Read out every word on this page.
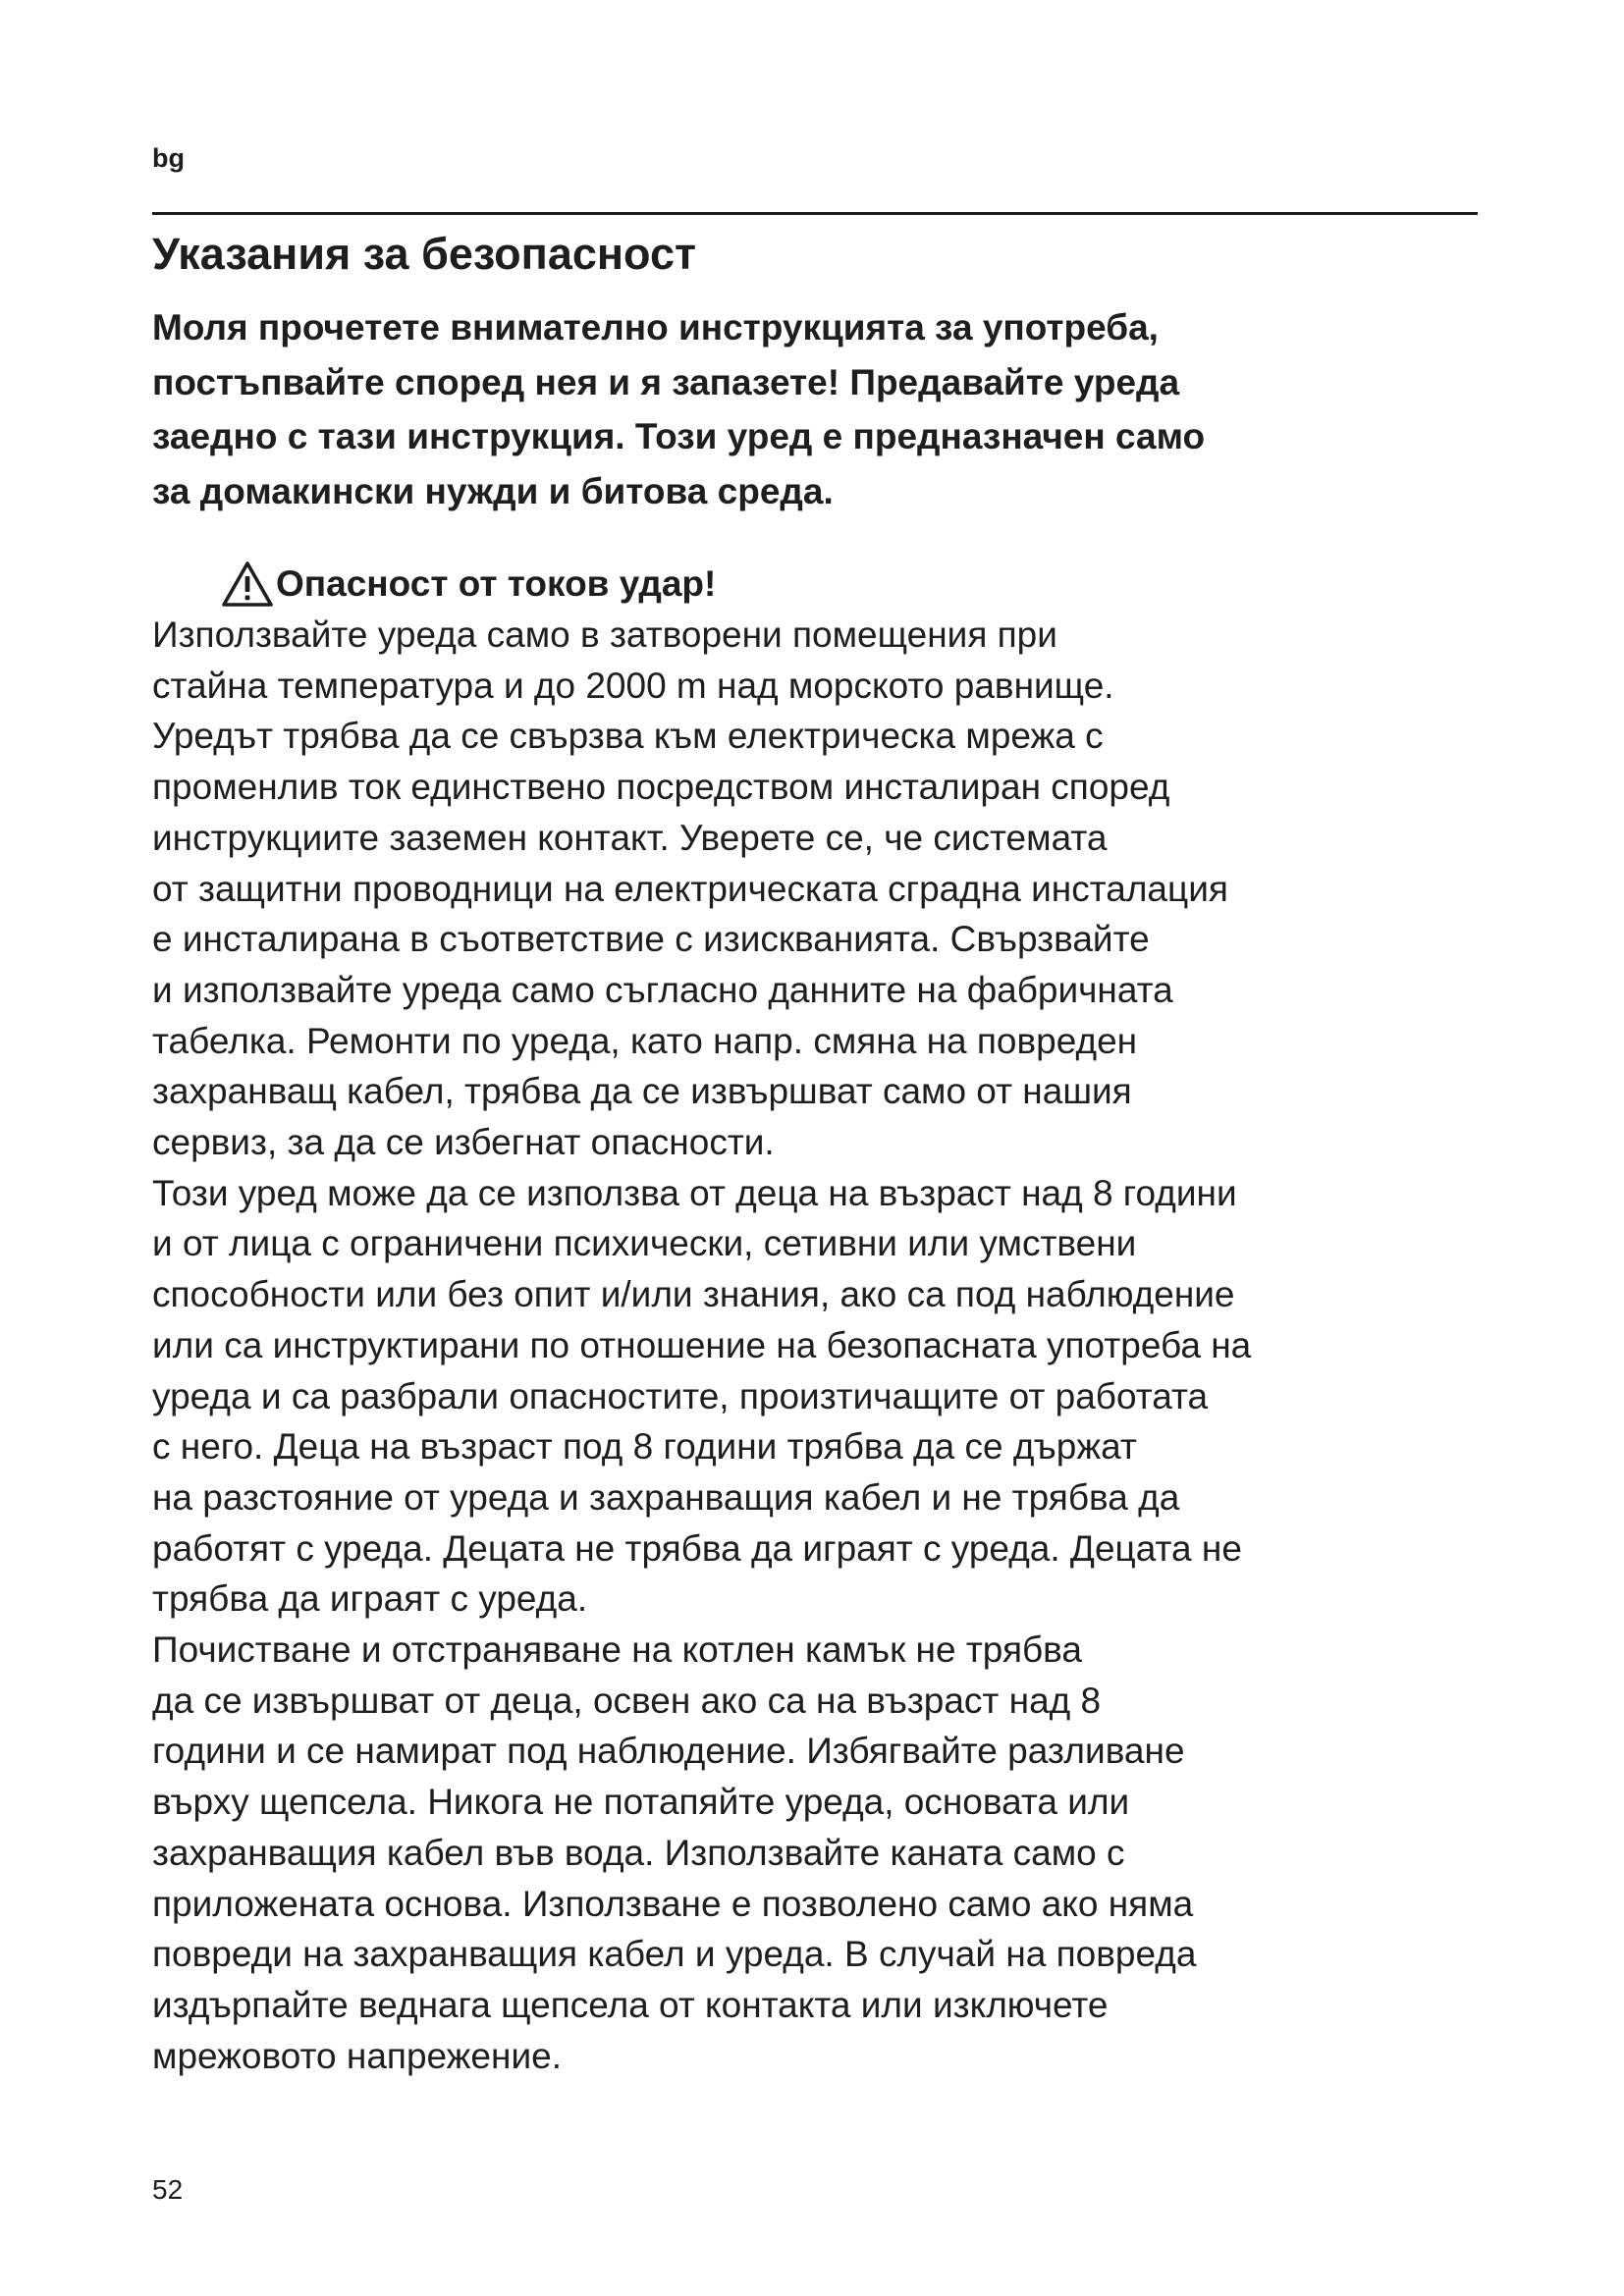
bg
Указания за безопасност

Моля прочетете внимателно инструкцията за употреба,
постъпвайте според нея и я запазете! Предавайте уреда
заедно с тази инструкция. Този уред е предназначен само
за домакински нужди и битова среда.

Опасност от токов удар!

Използвайте уреда само в затворени помещения при
стайна температура и до 2000 m над морското равнище.
Уредът трябва да се свързва към електрическа мрежа с
променлив ток единствено посредством инсталиран според
инструкциите заземен контакт. Уверете се, че системата
от защитни проводници на електрическата сградна инсталация
е инсталирана в съответствие с изискванията. Свързвайте
и използвайте уреда само съгласно данните на фабричната
табелка. Ремонти по уреда, като напр. смяна на повреден
захранващ кабел, трябва да се извършват само от нашия
сервиз, за да се избегнат опасности.
Този уред може да се използва от деца на възраст над 8 години
и от лица с ограничени психически, сетивни или умствени
способности или без опит и/или знания, ако са под наблюдение
или са инструктирани по отношение на безопасната употреба на
уреда и са разбрали опасностите, произтичащите от работата
с него. Деца на възраст под 8 години трябва да се държат
на разстояние от уреда и захранващия кабел и не трябва да
работят с уреда. Децата не трябва да играят с уреда. Децата не
трябва да играят с уреда.
Почистване и отстраняване на котлен камък не трябва
да се извършват от деца, освен ако са на възраст над 8
години и се намират под наблюдение. Избягвайте разливане
върху щепсела. Никога не потапяйте уреда, основата или
захранващия кабел във вода. Използвайте каната само с
приложената основа. Използване е позволено само ако няма
повреди на захранващия кабел и уреда. В случай на повреда
издърпайте веднага щепсела от контакта или изключете
мрежовото напрежение.

52
